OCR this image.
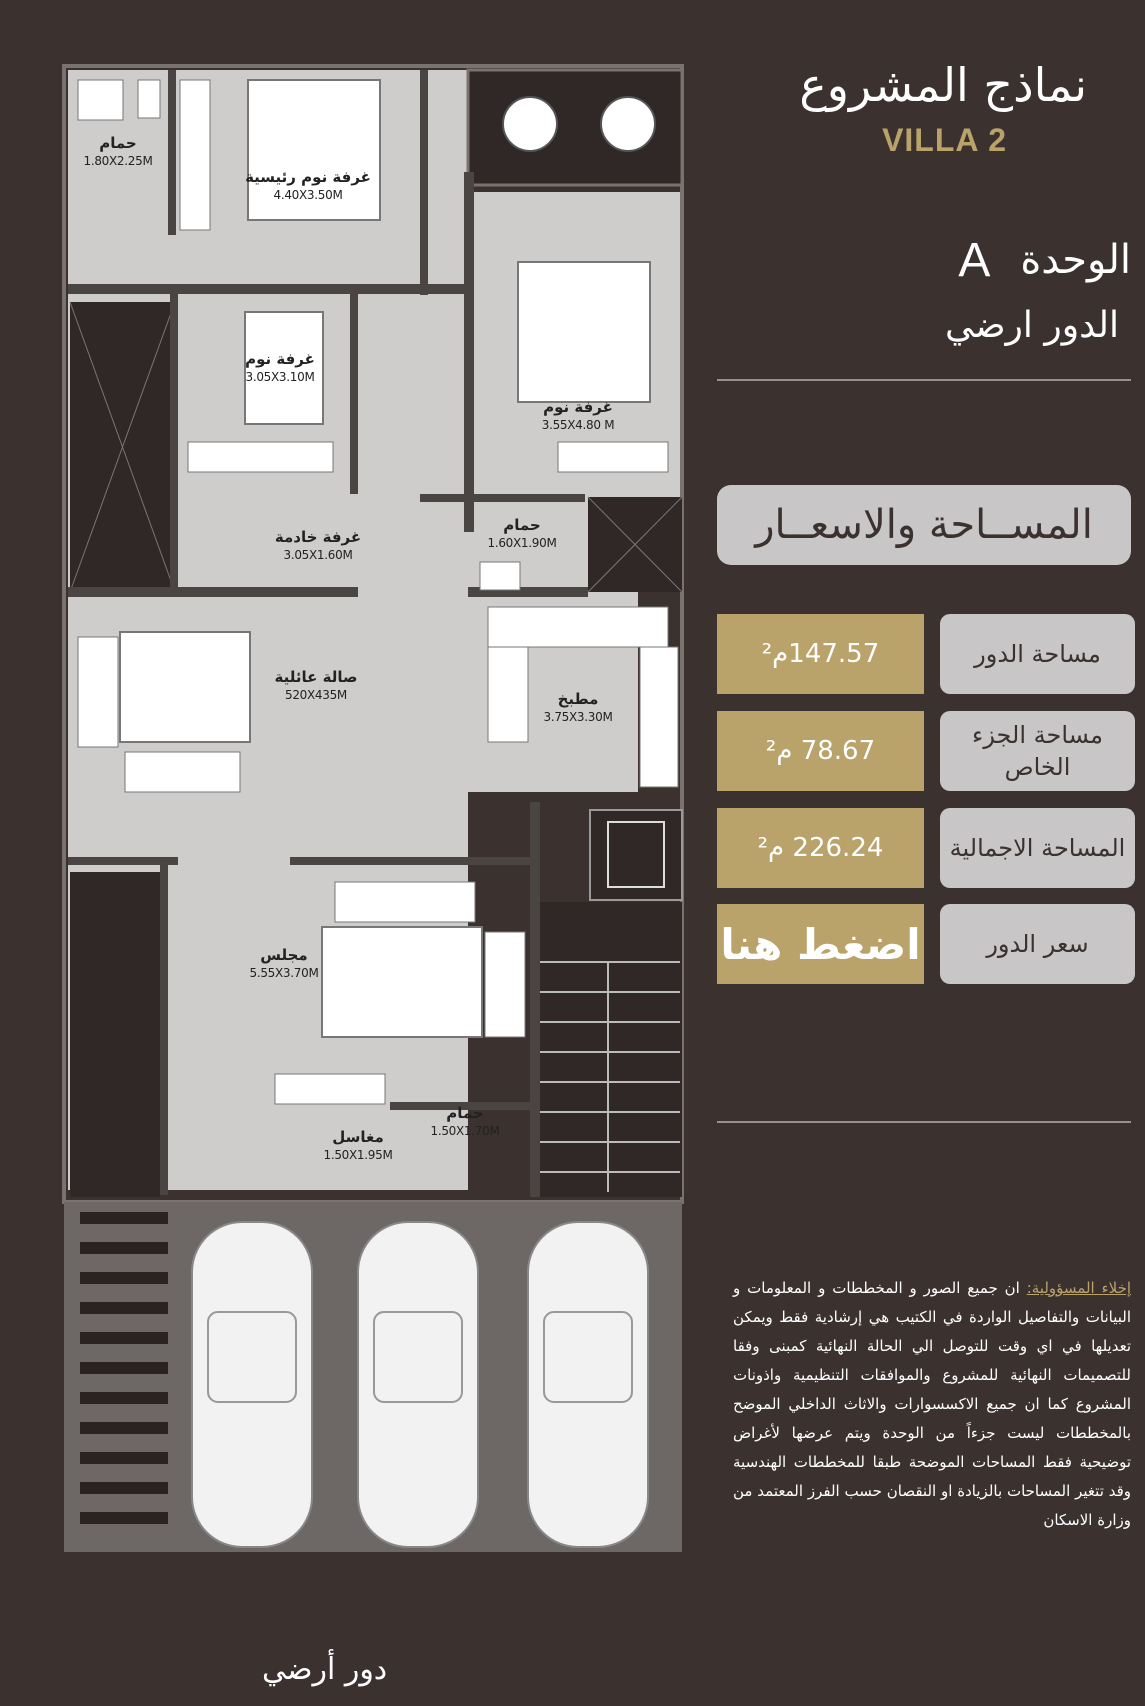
حمام
1.80X2.25M
غرفة نوم رئيسية
4.40X3.50M
غرفة نوم
3.05X3.10M
غرفة نوم
3.55X4.80 M
غرفة خادمة
3.05X1.60M
حمام
1.60X1.90M
صالة عائلية
520X435M	مطبخ
3.75X3.30M
مجلس
5.55X3.70M
حمام
1.50X1.70M
مغاسل
1.50X1.95M
دور أرضي
نماذج المشروع
VILLA 2
الوحدة
A
الدور ارضي
المســاحة والاسعــار
مساحة الدور
147.57م²
مساحة الجزء الخاص
78.67 م²
المساحة الاجمالية
226.24 م²
سعر الدور
اضغط هنا
إخلاء المسؤولية: ان جميع الصور و المخططات و المعلومات و البيانات والتفاصيل الواردة في الكتيب هي إرشادية فقط ويمكن تعديلها في اي وقت للتوصل الي الحالة النهائية كمبنى وفقا للتصميمات النهائية للمشروع والموافقات التنظيمية واذونات المشروع كما ان جميع الاكسسوارات والاثاث الداخلي الموضح بالمخططات ليست جزءاً من الوحدة ويتم عرضها لأغراض توضيحية فقط المساحات الموضحة طبقا للمخططات الهندسية وقد تتغير المساحات بالزيادة او النقصان حسب الفرز المعتمد من وزارة الاسكان
